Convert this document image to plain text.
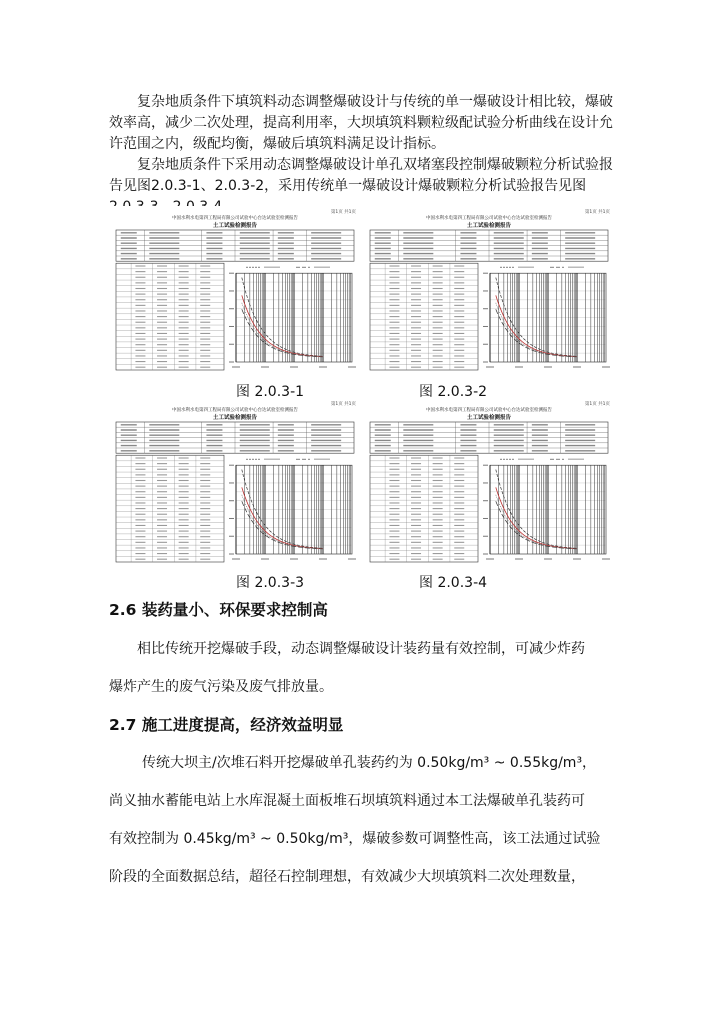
复杂地质条件下填筑料动态调整爆破设计与传统的单一爆破设计相比较，爆破效率高，减少二次处理，提高利用率，大坝填筑料颗粒级配试验分析曲线在设计允许范围之内，级配均衡，爆破后填筑料满足设计指标。

复杂地质条件下采用动态调整爆破设计单孔双堵塞段控制爆破颗粒分析试验报告见图2.0.3-1、2.0.3-2，采用传统单一爆破设计爆破颗粒分析试验报告见图

第1页 共1页
中国水利水电第四工程局有限公司试验中心台达试验室检测报告
土工试验检测报告
第1页 共1页
中国水利水电第四工程局有限公司试验中心台达试验室检测报告
土工试验检测报告
第1页 共1页
中国水利水电第四工程局有限公司试验中心台达试验室检测报告
土工试验检测报告
第1页 共1页
中国水利水电第四工程局有限公司试验中心台达试验室检测报告
土工试验检测报告
图 2.0.3-1	图 2.0.3-2
图 2.0.3-3	图 2.0.3-4
2.6 装药量小、环保要求控制高
相比传统开挖爆破手段，动态调整爆破设计装药量有效控制，可减少炸药
爆炸产生的废气污染及废气排放量。
2.7 施工进度提高，经济效益明显
传统大坝主/次堆石料开挖爆破单孔装药约为 0.50kg/m³ ~ 0.55kg/m³，
尚义抽水蓄能电站上水库混凝土面板堆石坝填筑料通过本工法爆破单孔装药可
有效控制为 0.45kg/m³ ~ 0.50kg/m³，爆破参数可调整性高，该工法通过试验
阶段的全面数据总结，超径石控制理想，有效减少大坝填筑料二次处理数量，
